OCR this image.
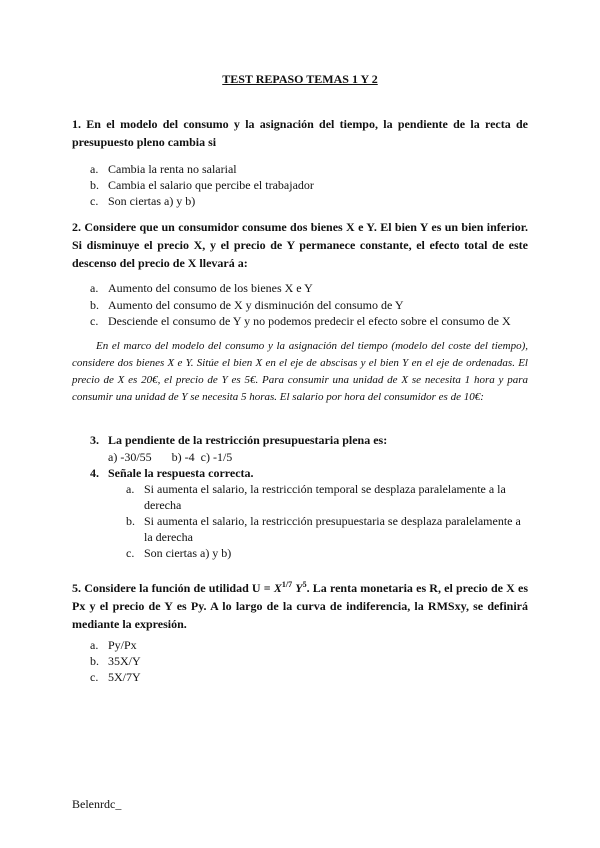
TEST REPASO TEMAS 1 Y 2
1. En el modelo del consumo y la asignación del tiempo, la pendiente de la recta de presupuesto pleno cambia si
a. Cambia la renta no salarial
b. Cambia el salario que percibe el trabajador
c. Son ciertas a) y b)
2. Considere que un consumidor consume dos bienes X e Y. El bien Y es un bien inferior. Si disminuye el precio X, y el precio de Y permanece constante, el efecto total de este descenso del precio de X llevará a:
a. Aumento del consumo de los bienes X e Y
b. Aumento del consumo de X y disminución del consumo de Y
c. Desciende el consumo de Y y no podemos predecir el efecto sobre el consumo de X
En el marco del modelo del consumo y la asignación del tiempo (modelo del coste del tiempo), considere dos bienes X e Y. Sitúe el bien X en el eje de abscisas y el bien Y en el eje de ordenadas. El precio de X es 20€, el precio de Y es 5€. Para consumir una unidad de X se necesita 1 hora y para consumir una unidad de Y se necesita 5 horas. El salario por hora del consumidor es de 10€:
3. La pendiente de la restricción presupuestaria plena es:
a) -30/55 b) -4 c) -1/5
4. Señale la respuesta correcta.
a. Si aumenta el salario, la restricción temporal se desplaza paralelamente a la derecha
b. Si aumenta el salario, la restricción presupuestaria se desplaza paralelamente a la derecha
c. Son ciertas a) y b)
5. Considere la función de utilidad $U = X^{1/7}$ $Y^5$. La renta monetaria es R, el precio de X es Px y el precio de Y es Py. A lo largo de la curva de indiferencia, la RMSxy, se definirá mediante la expresión.
a. Py/Px
b. 35X/Y
c. 5X/7Y
Belenrdc_
